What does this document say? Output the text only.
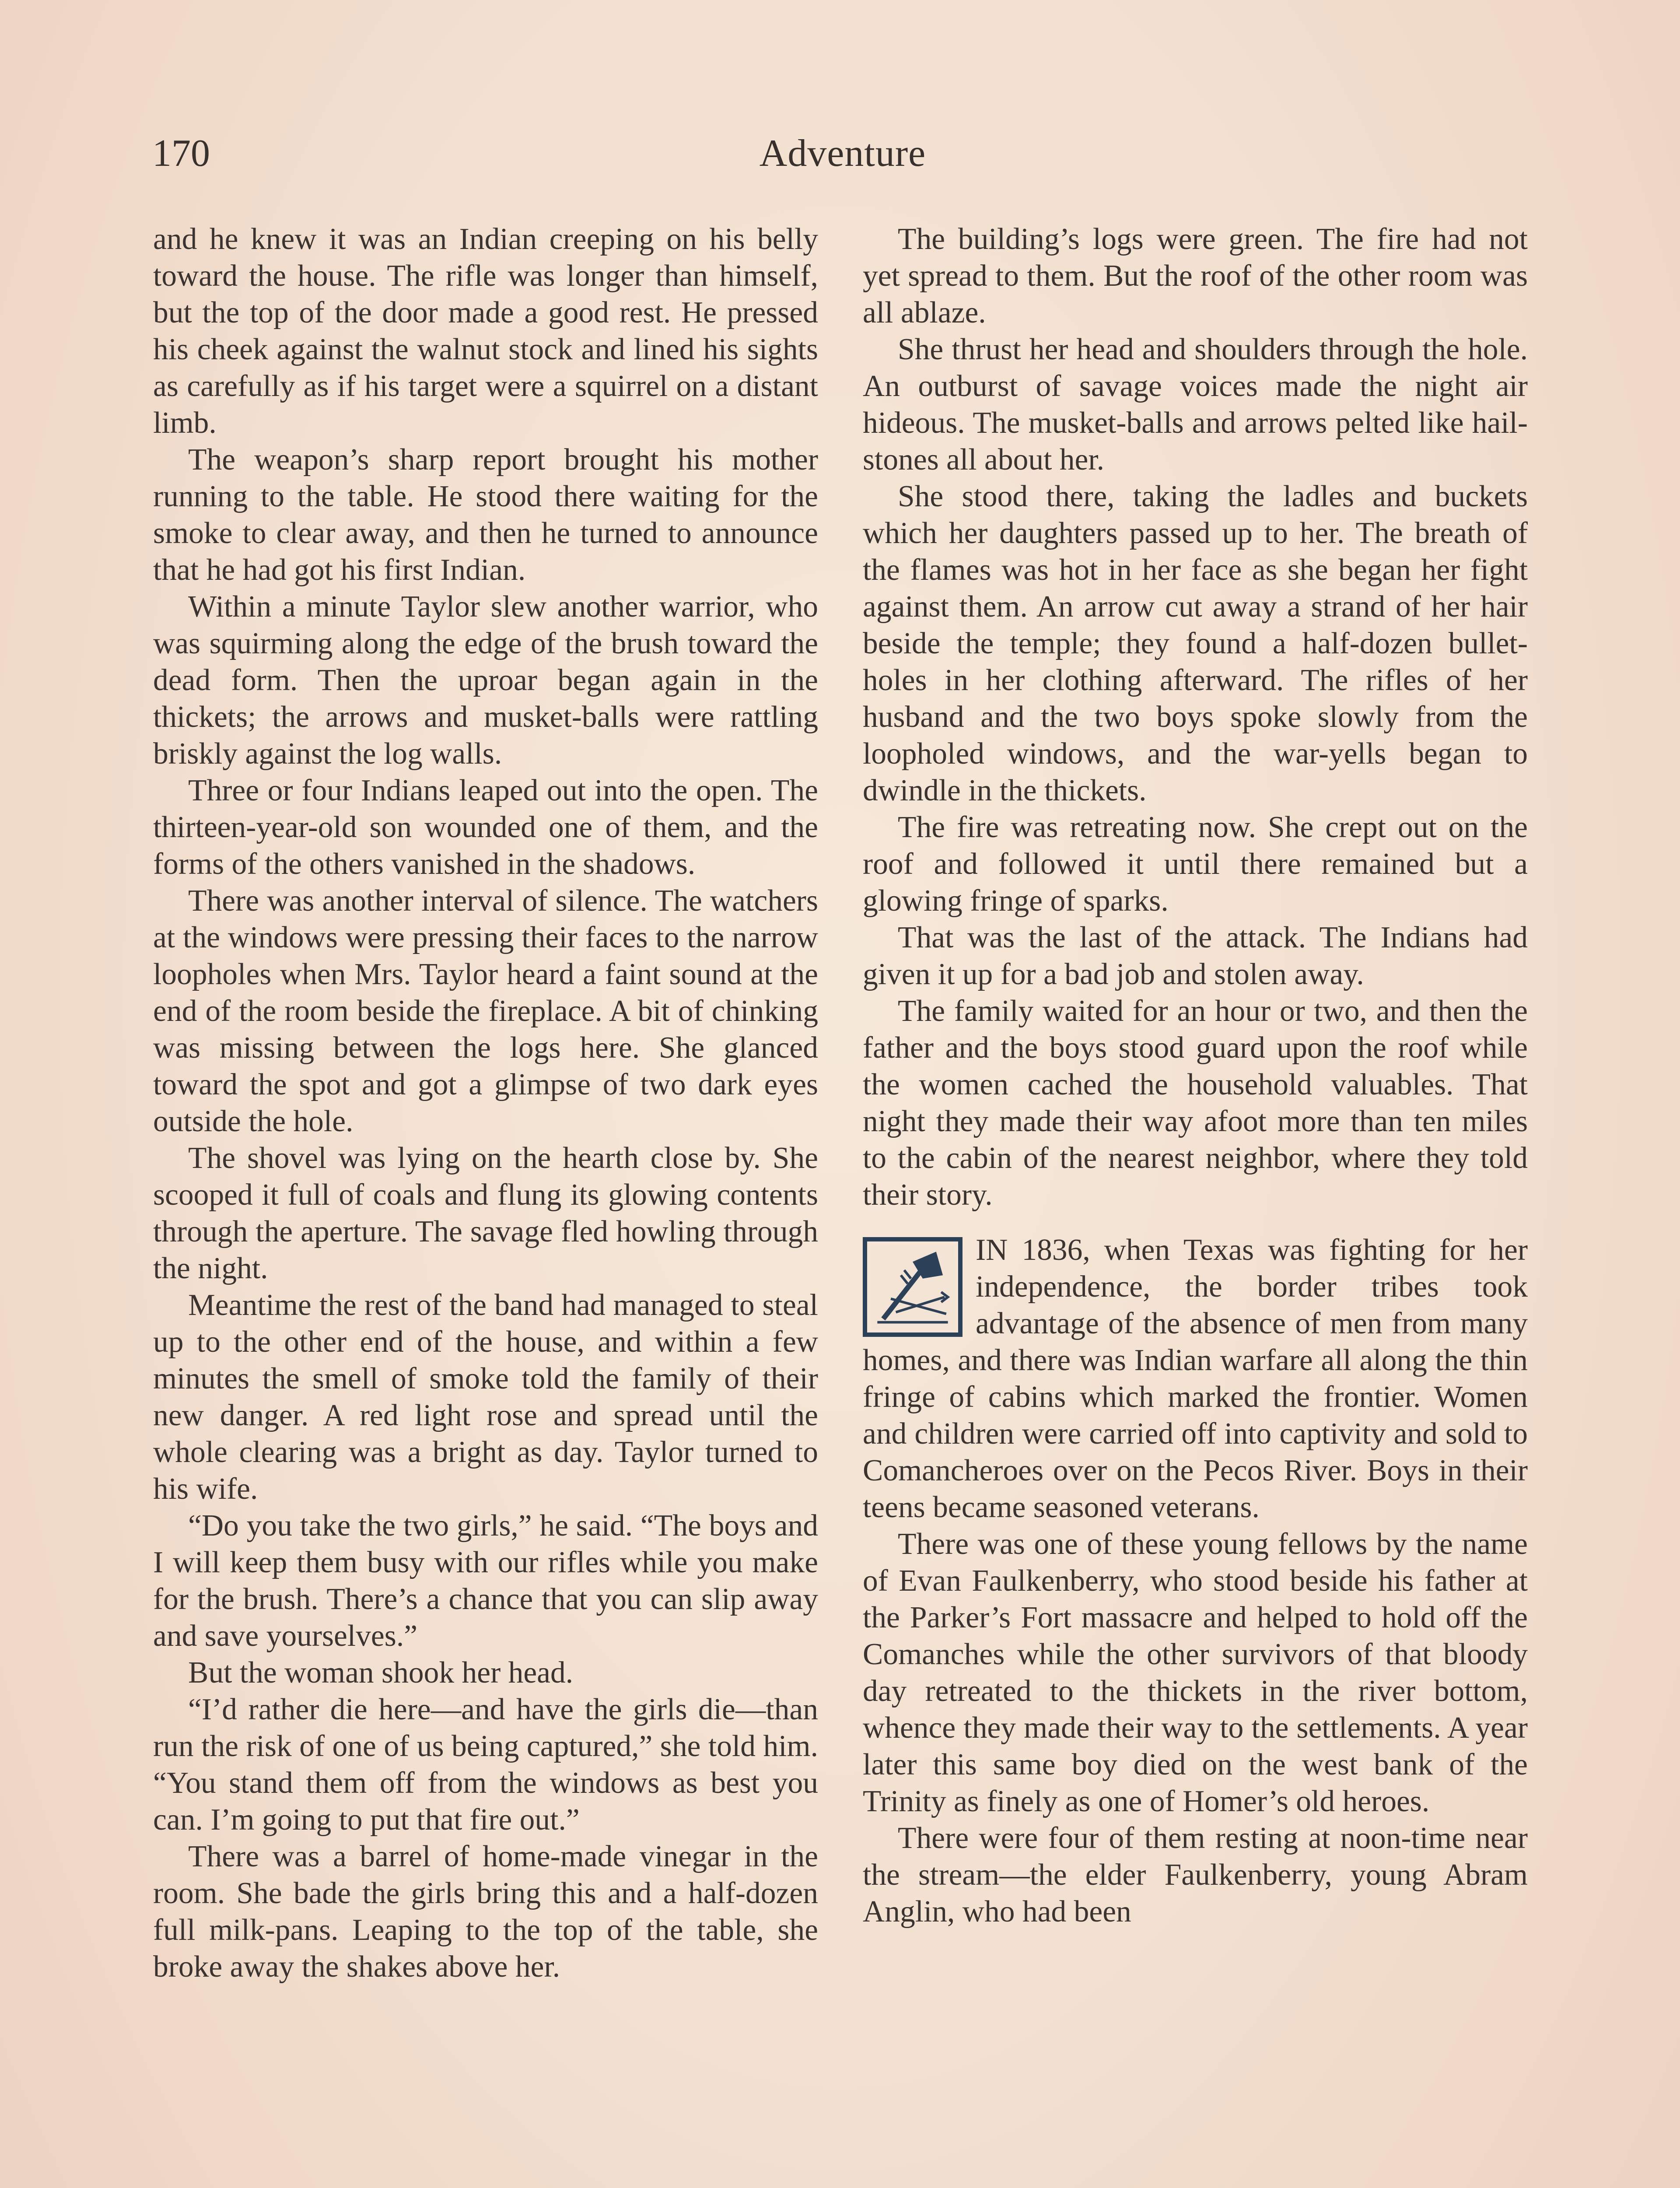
170	Adventure

and he knew it was an Indian creeping on his belly toward the house. The rifle was longer than himself, but the top of the door made a good rest. He pressed his cheek against the walnut stock and lined his sights as carefully as if his target were a squirrel on a distant limb.

The weapon’s sharp report brought his mother running to the table. He stood there waiting for the smoke to clear away, and then he turned to announce that he had got his first Indian.

Within a minute Taylor slew another warrior, who was squirming along the edge of the brush toward the dead form. Then the uproar began again in the thickets; the arrows and musket-balls were rattling briskly against the log walls.

Three or four Indians leaped out into the open. The thirteen-year-old son wounded one of them, and the forms of the others vanished in the shadows.

There was another interval of silence. The watchers at the windows were pressing their faces to the narrow loopholes when Mrs. Taylor heard a faint sound at the end of the room beside the fireplace. A bit of chinking was missing between the logs here. She glanced toward the spot and got a glimpse of two dark eyes outside the hole.

The shovel was lying on the hearth close by. She scooped it full of coals and flung its glowing contents through the aperture. The savage fled howling through the night.

Meantime the rest of the band had managed to steal up to the other end of the house, and within a few minutes the smell of smoke told the family of their new danger. A red light rose and spread until the whole clearing was a bright as day. Taylor turned to his wife.

“Do you take the two girls,” he said. “The boys and I will keep them busy with our rifles while you make for the brush. There’s a chance that you can slip away and save yourselves.”

But the woman shook her head.

“I’d rather die here—and have the girls die—than run the risk of one of us being captured,” she told him. “You stand them off from the windows as best you can. I’m going to put that fire out.”

There was a barrel of home-made vinegar in the room. She bade the girls bring this and a half-dozen full milk-pans. Leaping to the top of the table, she broke away the shakes above her.

The building’s logs were green. The fire had not yet spread to them. But the roof of the other room was all ablaze.

She thrust her head and shoulders through the hole. An outburst of savage voices made the night air hideous. The musket-balls and arrows pelted like hailstones all about her.

She stood there, taking the ladles and buckets which her daughters passed up to her. The breath of the flames was hot in her face as she began her fight against them. An arrow cut away a strand of her hair beside the temple; they found a half-dozen bullet-holes in her clothing afterward. The rifles of her husband and the two boys spoke slowly from the loopholed windows, and the war-yells began to dwindle in the thickets.

The fire was retreating now. She crept out on the roof and followed it until there remained but a glowing fringe of sparks.

That was the last of the attack. The Indians had given it up for a bad job and stolen away.

The family waited for an hour or two, and then the father and the boys stood guard upon the roof while the women cached the household valuables. That night they made their way afoot more than ten miles to the cabin of the nearest neighbor, where they told their story.

IN 1836, when Texas was fighting for her independence, the border tribes took advantage of the absence of men from many homes, and there was Indian warfare all along the thin fringe of cabins which marked the frontier. Women and children were carried off into captivity and sold to Comancheroes over on the Pecos River. Boys in their teens became seasoned veterans.

There was one of these young fellows by the name of Evan Faulkenberry, who stood beside his father at the Parker’s Fort massacre and helped to hold off the Comanches while the other survivors of that bloody day retreated to the thickets in the river bottom, whence they made their way to the settlements. A year later this same boy died on the west bank of the Trinity as finely as one of Homer’s old heroes.

There were four of them resting at noon-time near the stream—the elder Faulkenberry, young Abram Anglin, who had been
